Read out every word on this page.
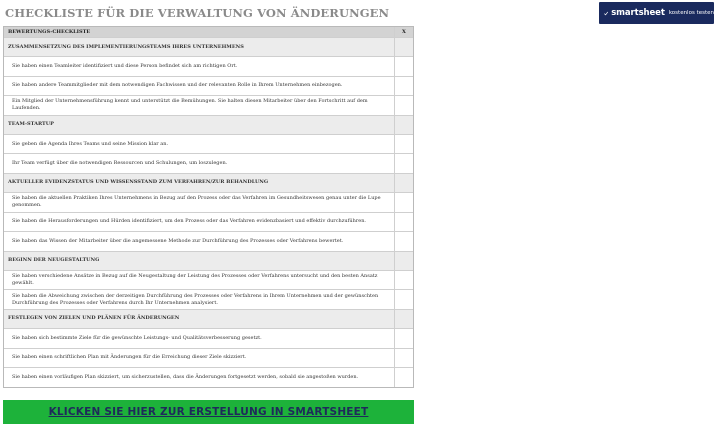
CHECKLISTE FÜR DIE VERWALTUNG VON ÄNDERUNGEN	smartsheet kostenlos testen
BEWERTUNGS-CHECKLISTE	X
ZUSAMMENSETZUNG DES IMPLEMENTIERUNGSTEAMS IHRES UNTERNEHMENS
Sie haben einen Teamleiter identifiziert und diese Person befindet sich am richtigen Ort.
Sie haben andere Teammitglieder mit dem notwendigen Fachwissen und der relevanten Rolle in Ihrem Unternehmen einbezogen.
Ein Mitglied der Unternehmensführung kennt und unterstützt die Bemühungen. Sie halten diesen Mitarbeiter über den Fortschritt auf dem Laufenden.
TEAM-STARTUP
Sie geben die Agenda Ihres Teams und seine Mission klar an.
Ihr Team verfügt über die notwendigen Ressourcen und Schulungen, um loszulegen.
AKTUELLER EVIDENZSTATUS UND WISSENSSTAND ZUM VERFAHREN/ZUR BEHANDLUNG
Sie haben die aktuellen Praktiken Ihres Unternehmens in Bezug auf den Prozess oder das Verfahren im Gesundheitswesen genau unter die Lupe genommen.
Sie haben die Herausforderungen und Hürden identifiziert, um den Prozess oder das Verfahren evidenzbasiert und effektiv durchzuführen.
Sie haben das Wissen der Mitarbeiter über die angemessene Methode zur Durchführung des Prozesses oder Verfahrens bewertet.
BEGINN DER NEUGESTALTUNG
Sie haben verschiedene Ansätze in Bezug auf die Neugestaltung der Leistung des Prozesses oder Verfahrens untersucht und den besten Ansatz gewählt.
Sie haben die Abweichung zwischen der derzeitigen Durchführung des Prozesses oder Verfahrens in Ihrem Unternehmen und der gewünschten Durchführung des Prozesses oder Verfahrens durch Ihr Unternehmen analysiert.
FESTLEGEN VON ZIELEN UND PLÄNEN FÜR ÄNDERUNGEN
Sie haben sich bestimmte Ziele für die gewünschte Leistungs- und Qualitätsverbesserung gesetzt.
Sie haben einen schriftlichen Plan mit Änderungen für die Erreichung dieser Ziele skizziert.
Sie haben einen vorläufigen Plan skizziert, um sicherzustellen, dass die Änderungen fortgesetzt werden, sobald sie angestoßen wurden.
KLICKEN SIE HIER ZUR ERSTELLUNG IN SMARTSHEET
